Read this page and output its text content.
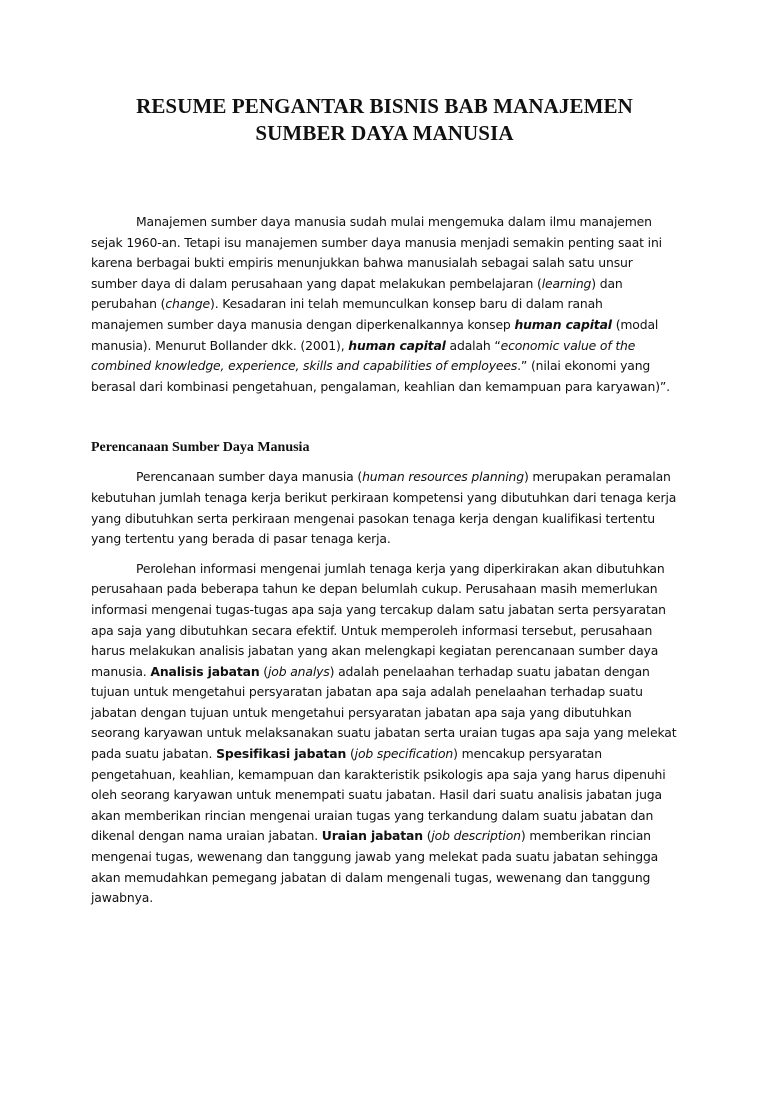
RESUME PENGANTAR BISNIS BAB MANAJEMEN SUMBER DAYA MANUSIA

Manajemen sumber daya manusia sudah mulai mengemuka dalam ilmu manajemen sejak 1960-an. Tetapi isu manajemen sumber daya manusia menjadi semakin penting saat ini karena berbagai bukti empiris menunjukkan bahwa manusialah sebagai salah satu unsur sumber daya di dalam perusahaan yang dapat melakukan pembelajaran (learning) dan perubahan (change). Kesadaran ini telah memunculkan konsep baru di dalam ranah manajemen sumber daya manusia dengan diperkenalkannya konsep human capital (modal manusia). Menurut Bollander dkk. (2001), human capital adalah “economic value of the combined knowledge, experience, skills and capabilities of employees.” (nilai ekonomi yang berasal dari kombinasi pengetahuan, pengalaman, keahlian dan kemampuan para karyawan)”.

Perencanaan Sumber Daya Manusia

Perencanaan sumber daya manusia (human resources planning) merupakan peramalan kebutuhan jumlah tenaga kerja berikut perkiraan kompetensi yang dibutuhkan dari tenaga kerja yang dibutuhkan serta perkiraan mengenai pasokan tenaga kerja dengan kualifikasi tertentu yang tertentu yang berada di pasar tenaga kerja.

Perolehan informasi mengenai jumlah tenaga kerja yang diperkirakan akan dibutuhkan perusahaan pada beberapa tahun ke depan belumlah cukup. Perusahaan masih memerlukan informasi mengenai tugas-tugas apa saja yang tercakup dalam satu jabatan serta persyaratan apa saja yang dibutuhkan secara efektif. Untuk memperoleh informasi tersebut, perusahaan harus melakukan analisis jabatan yang akan melengkapi kegiatan perencanaan sumber daya manusia. Analisis jabatan (job analys) adalah penelaahan terhadap suatu jabatan dengan tujuan untuk mengetahui persyaratan jabatan apa saja adalah penelaahan terhadap suatu jabatan dengan tujuan untuk mengetahui persyaratan jabatan apa saja yang dibutuhkan seorang karyawan untuk melaksanakan suatu jabatan serta uraian tugas apa saja yang melekat pada suatu jabatan. Spesifikasi jabatan (job specification) mencakup persyaratan pengetahuan, keahlian, kemampuan dan karakteristik psikologis apa saja yang harus dipenuhi oleh seorang karyawan untuk menempati suatu jabatan. Hasil dari suatu analisis jabatan juga akan memberikan rincian mengenai uraian tugas yang terkandung dalam suatu jabatan dan dikenal dengan nama uraian jabatan. Uraian jabatan (job description) memberikan rincian mengenai tugas, wewenang dan tanggung jawab yang melekat pada suatu jabatan sehingga akan memudahkan pemegang jabatan di dalam mengenali tugas, wewenang dan tanggung jawabnya.
